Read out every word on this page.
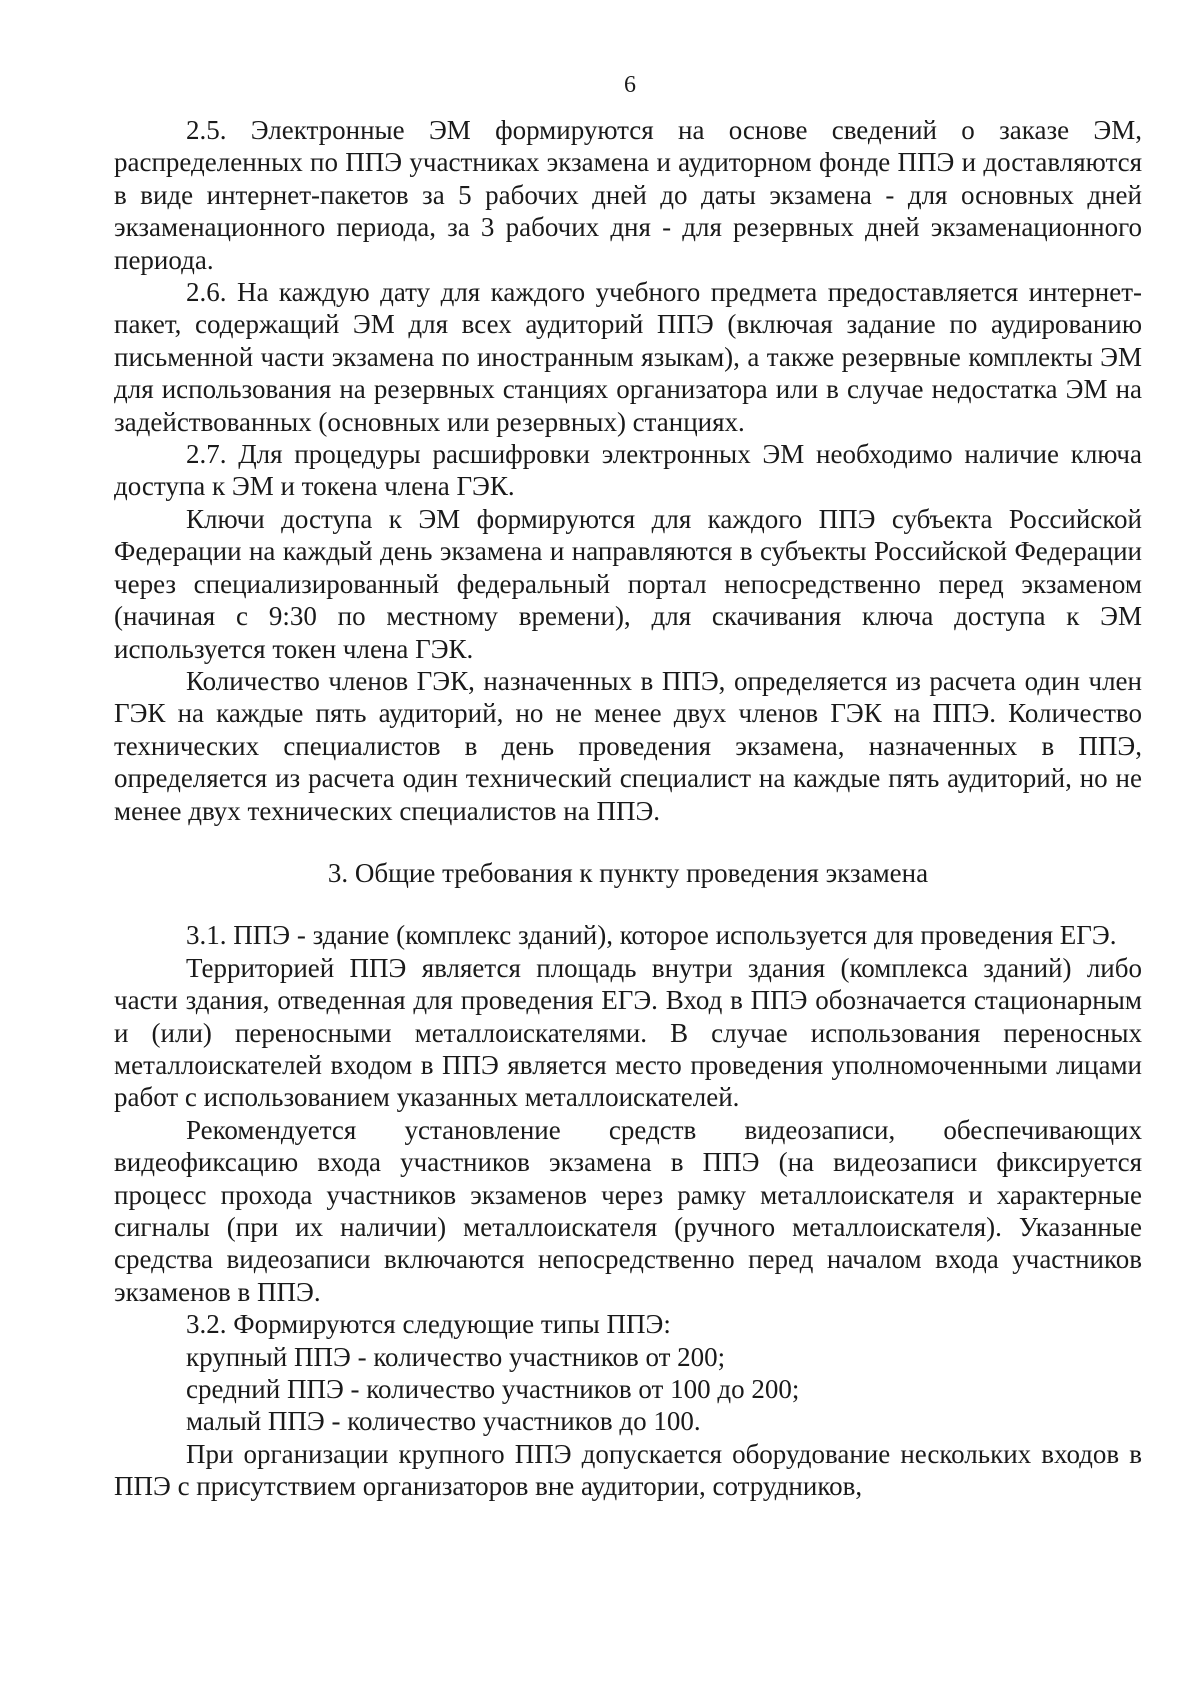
6

2.5. Электронные ЭМ формируются на основе сведений о заказе ЭМ, распределенных по ППЭ участниках экзамена и аудиторном фонде ППЭ и доставляются в виде интернет-пакетов за 5 рабочих дней до даты экзамена - для основных дней экзаменационного периода, за 3 рабочих дня - для резервных дней экзаменационного периода.

2.6. На каждую дату для каждого учебного предмета предоставляется интернет-пакет, содержащий ЭМ для всех аудиторий ППЭ (включая задание по аудированию письменной части экзамена по иностранным языкам), а также резервные комплекты ЭМ для использования на резервных станциях организатора или в случае недостатка ЭМ на задействованных (основных или резервных) станциях.

2.7. Для процедуры расшифровки электронных ЭМ необходимо наличие ключа доступа к ЭМ и токена члена ГЭК.

Ключи доступа к ЭМ формируются для каждого ППЭ субъекта Российской Федерации на каждый день экзамена и направляются в субъекты Российской Федерации через специализированный федеральный портал непосредственно перед экзаменом (начиная с 9:30 по местному времени), для скачивания ключа доступа к ЭМ используется токен члена ГЭК.

Количество членов ГЭК, назначенных в ППЭ, определяется из расчета один член ГЭК на каждые пять аудиторий, но не менее двух членов ГЭК на ППЭ. Количество технических специалистов в день проведения экзамена, назначенных в ППЭ, определяется из расчета один технический специалист на каждые пять аудиторий, но не менее двух технических специалистов на ППЭ.

3. Общие требования к пункту проведения экзамена

3.1. ППЭ - здание (комплекс зданий), которое используется для проведения ЕГЭ.

Территорией ППЭ является площадь внутри здания (комплекса зданий) либо части здания, отведенная для проведения ЕГЭ. Вход в ППЭ обозначается стационарным и (или) переносными металлоискателями. В случае использования переносных металлоискателей входом в ППЭ является место проведения уполномоченными лицами работ с использованием указанных металлоискателей.

Рекомендуется установление средств видеозаписи, обеспечивающих видеофиксацию входа участников экзамена в ППЭ (на видеозаписи фиксируется процесс прохода участников экзаменов через рамку металлоискателя и характерные сигналы (при их наличии) металлоискателя (ручного металлоискателя). Указанные средства видеозаписи включаются непосредственно перед началом входа участников экзаменов в ППЭ.

3.2. Формируются следующие типы ППЭ:

крупный ППЭ - количество участников от 200;

средний ППЭ - количество участников от 100 до 200;

малый ППЭ - количество участников до 100.

При организации крупного ППЭ допускается оборудование нескольких входов в ППЭ с присутствием организаторов вне аудитории, сотрудников,
